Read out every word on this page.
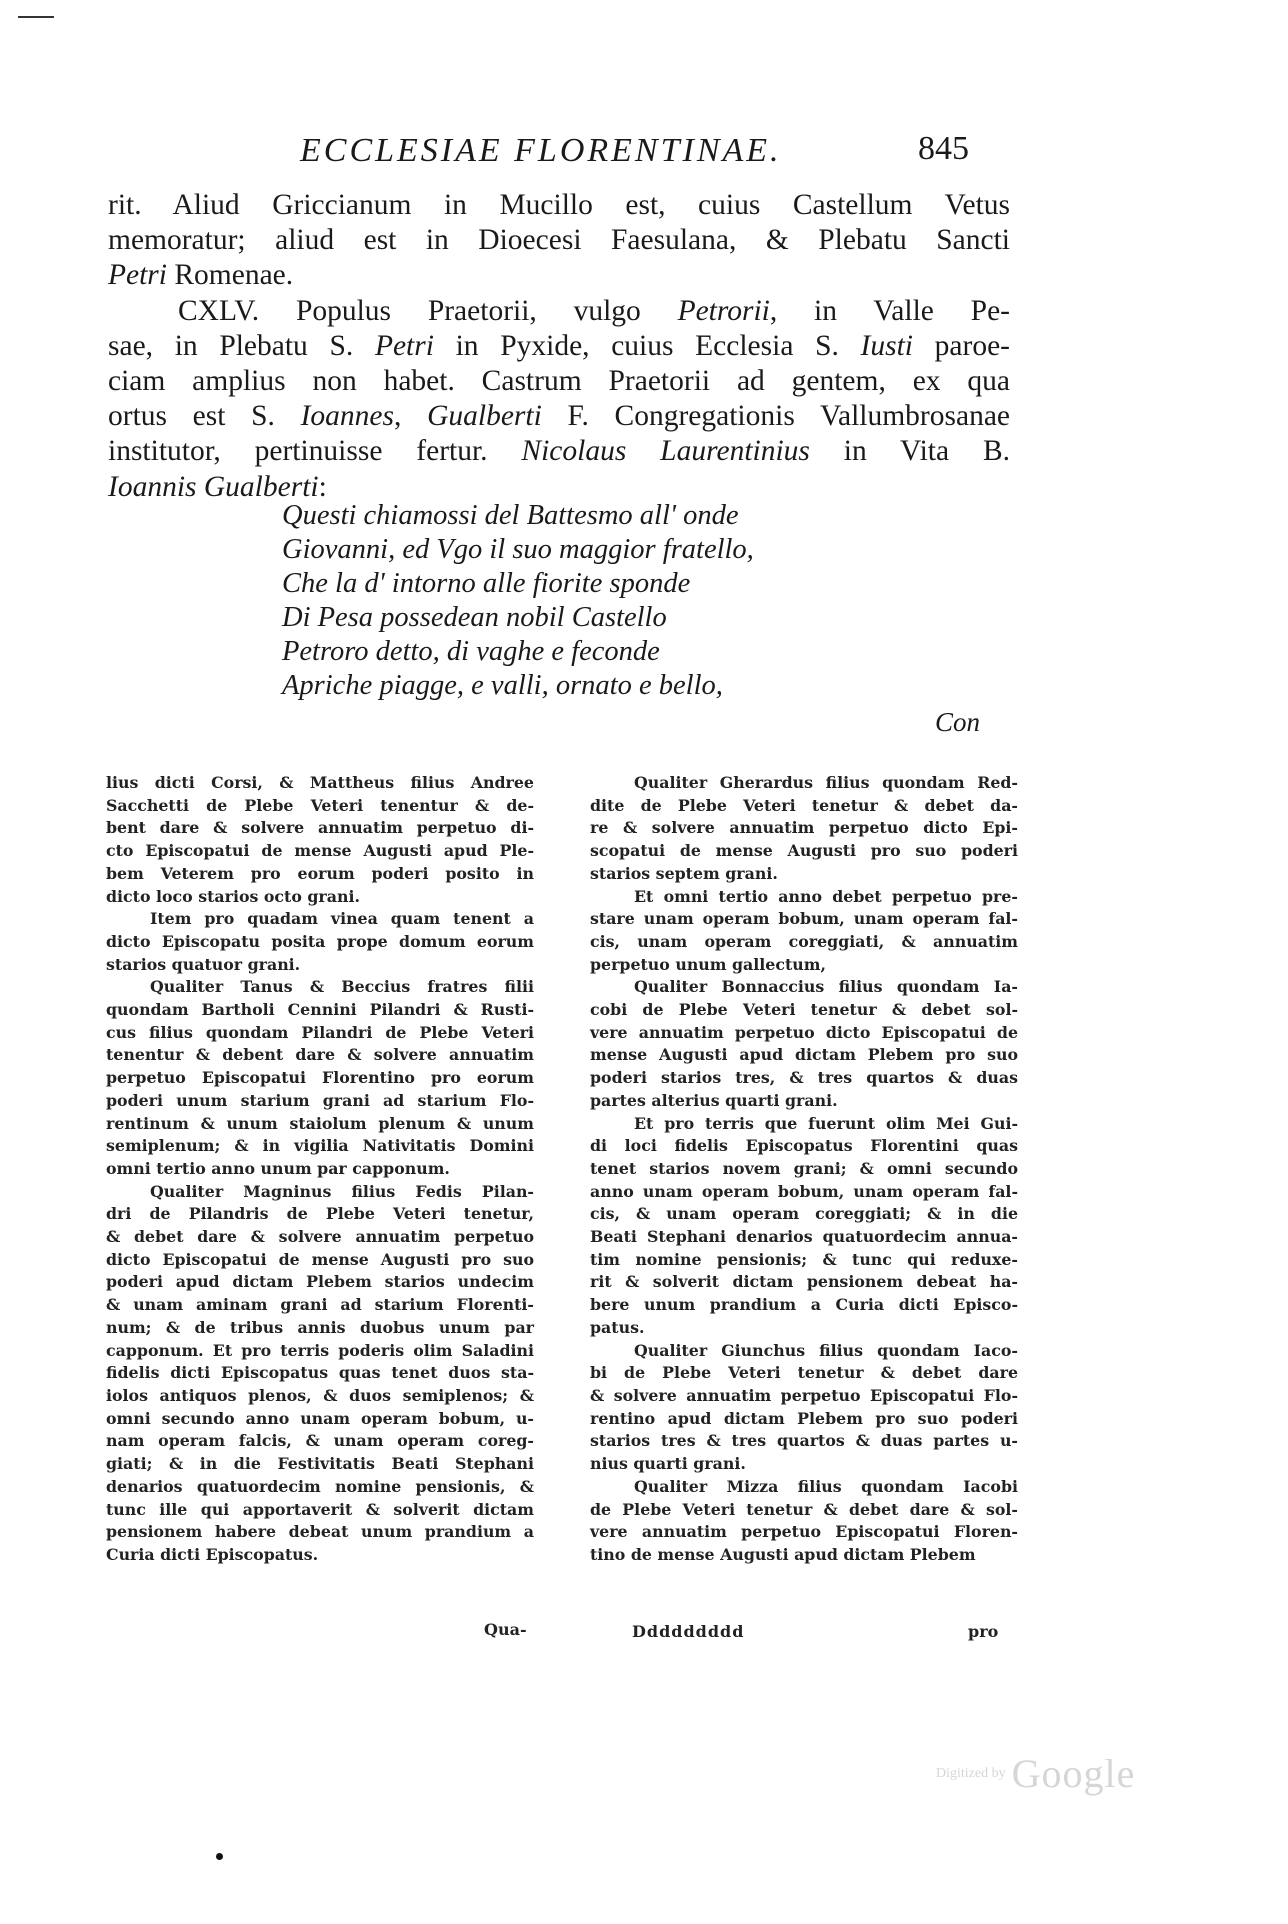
ECCLESIAE FLORENTINAE.	845
rit. Aliud Griccianum in Mucillo est, cuius Castellum Vetus
memoratur; aliud est in Dioecesi Faesulana, & Plebatu Sancti
Petri Romenae.
CXLV. Populus Praetorii, vulgo Petrorii, in Valle Pe-
sae, in Plebatu S. Petri in Pyxide, cuius Ecclesia S. Iusti paroe-
ciam amplius non habet. Castrum Praetorii ad gentem, ex qua
ortus est S. Ioannes, Gualberti F. Congregationis Vallumbrosanae
institutor, pertinuisse fertur. Nicolaus Laurentinius in Vita B.
Ioannis Gualberti:
Questi chiamossi del Battesmo all' onde
Giovanni, ed Vgo il suo maggior fratello,
Che la d' intorno alle fiorite sponde
Di Pesa possedean nobil Castello
Petroro detto, di vaghe e feconde
Apriche piagge, e valli, ornato e bello,
Con
lius dicti Corsi, & Mattheus filius Andree
Sacchetti de Plebe Veteri tenentur & de-
bent dare & solvere annuatim perpetuo di-
cto Episcopatui de mense Augusti apud Ple-
bem Veterem pro eorum poderi posito in
dicto loco starios octo grani.
Item pro quadam vinea quam tenent a
dicto Episcopatu posita prope domum eorum
starios quatuor grani.
Qualiter Tanus & Beccius fratres filii
quondam Bartholi Cennini Pilandri & Rusti-
cus filius quondam Pilandri de Plebe Veteri
tenentur & debent dare & solvere annuatim
perpetuo Episcopatui Florentino pro eorum
poderi unum starium grani ad starium Flo-
rentinum & unum staiolum plenum & unum
semiplenum; & in vigilia Nativitatis Domini
omni tertio anno unum par capponum.
Qualiter Magninus filius Fedis Pilan-
dri de Pilandris de Plebe Veteri tenetur,
& debet dare & solvere annuatim perpetuo
dicto Episcopatui de mense Augusti pro suo
poderi apud dictam Plebem starios undecim
& unam aminam grani ad starium Florenti-
num; & de tribus annis duobus unum par
capponum. Et pro terris poderis olim Saladini
fidelis dicti Episcopatus quas tenet duos sta-
iolos antiquos plenos, & duos semiplenos; &
omni secundo anno unam operam bobum, u-
nam operam falcis, & unam operam coreg-
giati; & in die Festivitatis Beati Stephani
denarios quatuordecim nomine pensionis, &
tunc ille qui apportaverit & solverit dictam
pensionem habere debeat unum prandium a
Curia dicti Episcopatus.
Qualiter Gherardus filius quondam Red-
dite de Plebe Veteri tenetur & debet da-
re & solvere annuatim perpetuo dicto Epi-
scopatui de mense Augusti pro suo poderi
starios septem grani.
Et omni tertio anno debet perpetuo pre-
stare unam operam bobum, unam operam fal-
cis, unam operam coreggiati, & annuatim
perpetuo unum gallectum,
Qualiter Bonnaccius filius quondam Ia-
cobi de Plebe Veteri tenetur & debet sol-
vere annuatim perpetuo dicto Episcopatui de
mense Augusti apud dictam Plebem pro suo
poderi starios tres, & tres quartos & duas
partes alterius quarti grani.
Et pro terris que fuerunt olim Mei Gui-
di loci fidelis Episcopatus Florentini quas
tenet starios novem grani; & omni secundo
anno unam operam bobum, unam operam fal-
cis, & unam operam coreggiati; & in die
Beati Stephani denarios quatuordecim annua-
tim nomine pensionis; & tunc qui reduxe-
rit & solverit dictam pensionem debeat ha-
bere unum prandium a Curia dicti Episco-
patus.
Qualiter Giunchus filius quondam Iaco-
bi de Plebe Veteri tenetur & debet dare
& solvere annuatim perpetuo Episcopatui Flo-
rentino apud dictam Plebem pro suo poderi
starios tres & tres quartos & duas partes u-
nius quarti grani.
Qualiter Mizza filius quondam Iacobi
de Plebe Veteri tenetur & debet dare & sol-
vere annuatim perpetuo Episcopatui Floren-
tino de mense Augusti apud dictam Plebem
Qua-	Ddddddddd	pro
Digitized by Google
